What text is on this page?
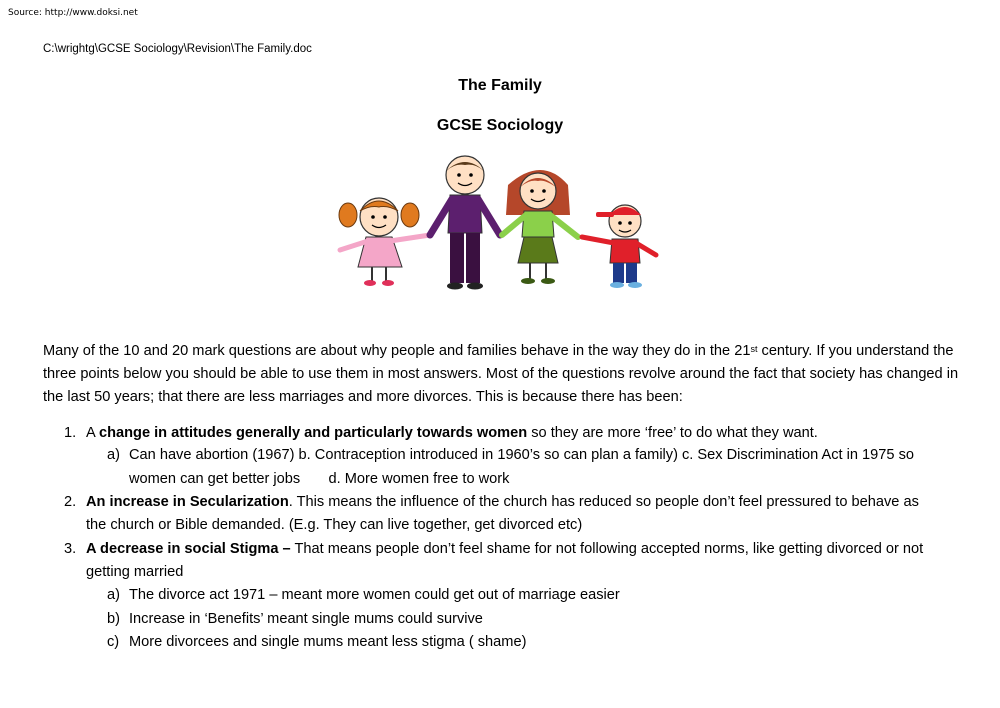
Source: http://www.doksi.net
C:\wrightg\GCSE Sociology\Revision\The Family.doc
The Family
GCSE Sociology
Many of the 10 and 20 mark questions are about why people and families behave in the way they do in the 21st century. If you understand the three points below you should be able to use them in most answers. Most of the questions revolve around the fact that society has changed in the last 50 years; that there are less marriages and more divorces. This is because there has been:
1. A change in attitudes generally and particularly towards women so they are more ‘free’ to do what they want.
a) Can have abortion (1967) b. Contraception introduced in 1960’s so can plan a family) c. Sex Discrimination Act in 1975 so
women can get better jobs       d. More women free to work
2. An increase in Secularization. This means the influence of the church has reduced so people don’t feel pressured to behave as
the church or Bible demanded. (E.g. They can live together, get divorced etc)
3. A decrease in social Stigma – That means people don’t feel shame for not following accepted norms, like getting divorced or not
getting married
a) The divorce act 1971 – meant more women could get out of marriage easier
b) Increase in ‘Benefits’ meant single mums could survive
c) More divorcees and single mums meant less stigma ( shame)
